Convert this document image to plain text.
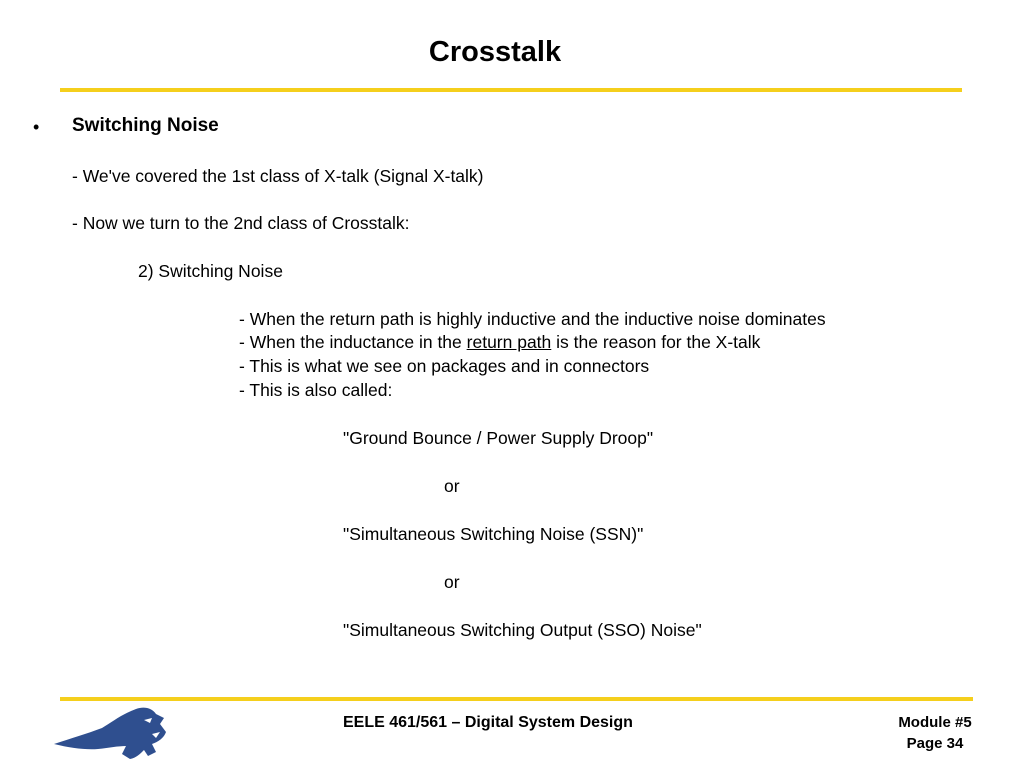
Crosstalk
• Switching Noise
- We've covered the 1st class of X-talk (Signal X-talk)
- Now we turn to the 2nd class of Crosstalk:
2) Switching Noise
- When the return path is highly inductive and the inductive noise dominates
- When the inductance in the return path is the reason for the X-talk
- This is what we see on packages and in connectors
- This is also called:
"Ground Bounce / Power Supply Droop"
or
"Simultaneous Switching Noise (SSN)"
or
"Simultaneous Switching Output (SSO) Noise"
EELE 461/561 – Digital System Design	Module #5
Page 34
